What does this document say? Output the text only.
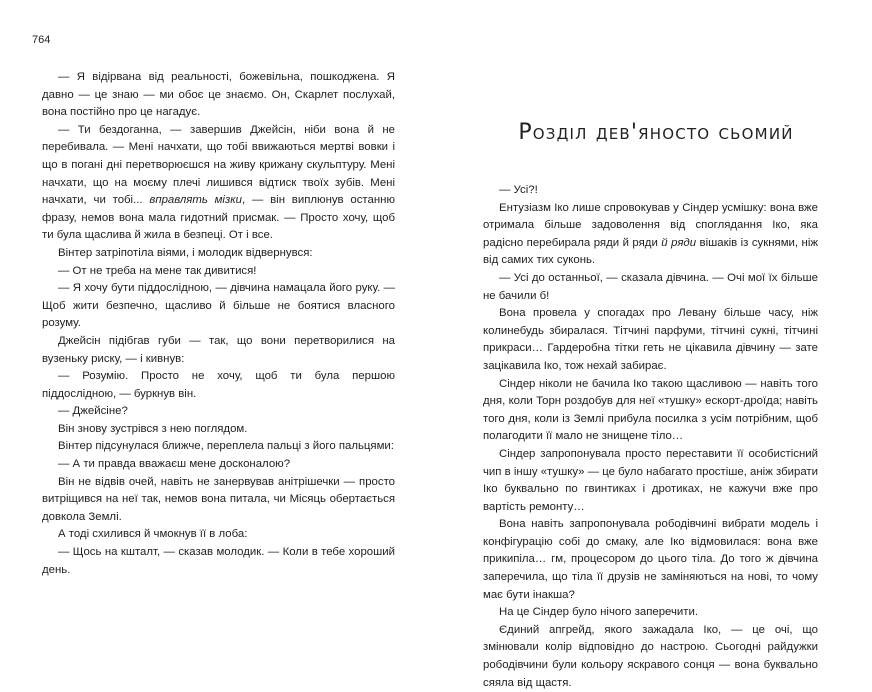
764

— Я відірвана від реальності, божевільна, пошкоджена. Я давно — це знаю — ми обоє це знаємо. Он, Скарлет послухай, вона постійно про це нагадує.

— Ти бездоганна, — завершив Джейсін, ніби вона й не перебивала. — Мені начхати, що тобі ввижаються мертві вовки і що в погані дні перетворюєшся на живу крижану скульптуру. Мені начхати, що на моєму плечі лишився відтиск твоїх зубів. Мені начхати, чи тобі... вправлять мізки, — він виплюнув останню фразу, немов вона мала гидотний присмак. — Просто хочу, щоб ти була щаслива й жила в безпеці. От і все.

Вінтер затріпотіла віями, і молодик відвернувся:

— От не треба на мене так дивитися!

— Я хочу бути піддослідною, — дівчина намацала його руку. — Щоб жити безпечно, щасливо й більше не боятися власного розуму.

Джейсін підібгав губи — так, що вони перетворилися на вузеньку риску, — і кивнув:

— Розумію. Просто не хочу, щоб ти була першою піддослідною, — буркнув він.

— Джейсіне?

Він знову зустрівся з нею поглядом.

Вінтер підсунулася ближче, переплела пальці з його пальцями:

— А ти правда вважаєш мене досконалою?

Він не відвів очей, навіть не занервував анітрішечки — просто витріщився на неї так, немов вона питала, чи Місяць обертається довкола Землі.

А тоді схилився й чмокнув її в лоба:

— Щось на кшталт, — сказав молодик. — Коли в тебе хороший день.

Розділ дев'яносто сьомий

— Усі?!

Ентузіазм Іко лише спровокував у Сіндер усмішку: вона вже отримала більше задоволення від споглядання Іко, яка радісно перебирала ряди й ряди й ряди вішаків із сукнями, ніж від самих тих суконь.

— Усі до останньої, — сказала дівчина. — Очі мої їх більше не бачили б!

Вона провела у спогадах про Левану більше часу, ніж колинебудь збиралася. Тітчині парфуми, тітчині сукні, тітчині прикраси… Гардеробна тітки геть не цікавила дівчину — зате зацікавила Іко, тож нехай забирає.

Сіндер ніколи не бачила Іко такою щасливою — навіть того дня, коли Торн роздобув для неї «тушку» ескорт-дроїда; навіть того дня, коли із Землі прибула посилка з усім потрібним, щоб полагодити її мало не знищене тіло…

Сіндер запропонувала просто переставити її особистісний чип в іншу «тушку» — це було набагато простіше, аніж збирати Іко буквально по гвинтиках і дротиках, не кажучи вже про вартість ремонту…

Вона навіть запропонувала рободівчині вибрати модель і конфігурацію собі до смаку, але Іко відмовилася: вона вже прикипіла… гм, процесором до цього тіла. До того ж дівчина заперечила, що тіла її друзів не заміняються на нові, то чому має бути інакша?

На це Сіндер було нічого заперечити.

Єдиний апгрейд, якого зажадала Іко, — це очі, що змінювали колір відповідно до настрою. Сьогодні райдужки рободівчини були кольору яскравого сонця — вона буквально сяяла від щастя.
